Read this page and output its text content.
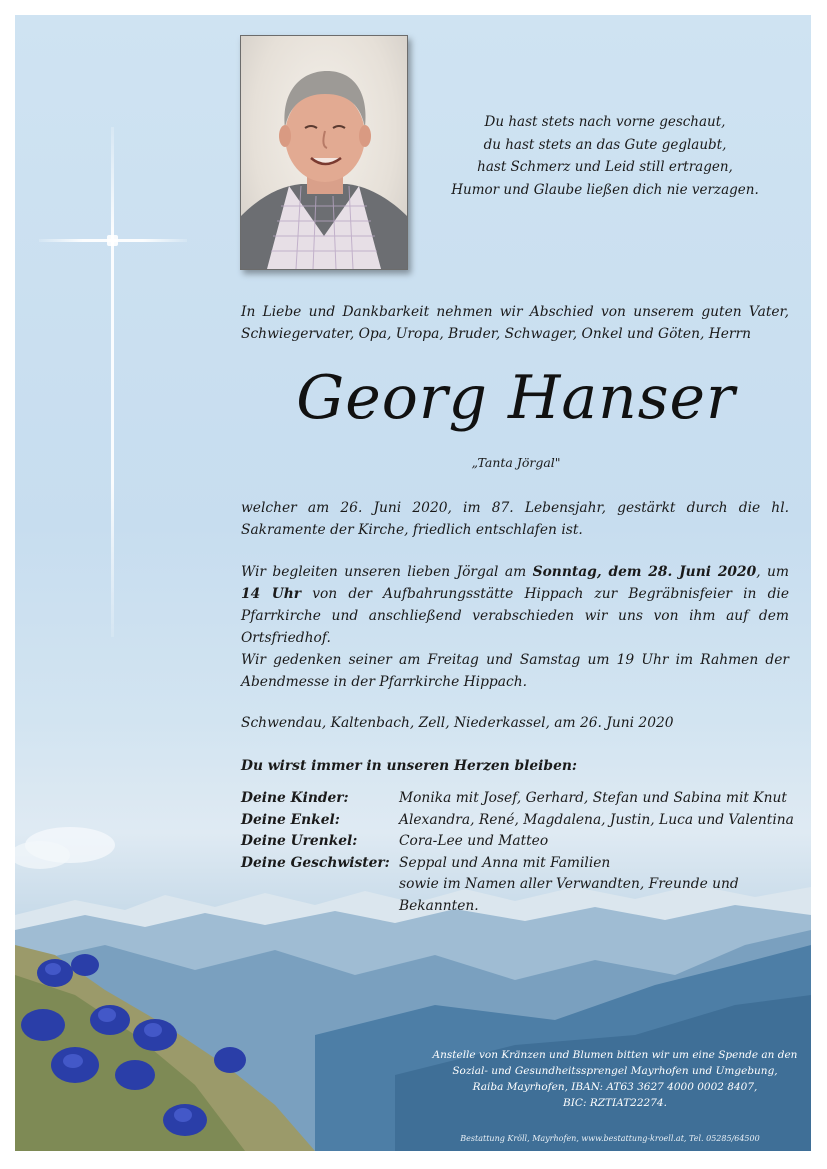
Du hast stets nach vorne geschaut,
du hast stets an das Gute geglaubt,
hast Schmerz und Leid still ertragen,
Humor und Glaube ließen dich nie verzagen.
In Liebe und Dankbarkeit nehmen wir Abschied von unserem guten Vater, Schwiegervater, Opa, Uropa, Bruder, Schwager, Onkel und Göten, Herrn
Georg Hanser
„Tanta Jörgal"
welcher am 26. Juni 2020, im 87. Lebensjahr, gestärkt durch die hl. Sakramente der Kirche, friedlich entschlafen ist.
Wir begleiten unseren lieben Jörgal am Sonntag, dem 28. Juni 2020, um 14 Uhr von der Aufbahrungsstätte Hippach zur Begräbnisfeier in die Pfarrkirche und anschließend verabschieden wir uns von ihm auf dem Ortsfriedhof.
Wir gedenken seiner am Freitag und Samstag um 19 Uhr im Rahmen der Abendmesse in der Pfarrkirche Hippach.
Schwendau, Kaltenbach, Zell, Niederkassel, am 26. Juni 2020
Du wirst immer in unseren Herzen bleiben:
Deine Kinder:	Monika mit Josef, Gerhard, Stefan und Sabina mit Knut
Deine Enkel:	Alexandra, René, Magdalena, Justin, Luca und Valentina
Deine Urenkel:	Cora-Lee und Matteo
Deine Geschwister: Seppal und Anna mit Familien
sowie im Namen aller Verwandten, Freunde und
Bekannten.
Anstelle von Kränzen und Blumen bitten wir um eine Spende an den
Sozial- und Gesundheitssprengel Mayrhofen und Umgebung,
Raiba Mayrhofen, IBAN: AT63 3627 4000 0002 8407,
BIC: RZTIAT22274.
Bestattung Kröll, Mayrhofen, www.bestattung-kroell.at, Tel. 05285/64500
